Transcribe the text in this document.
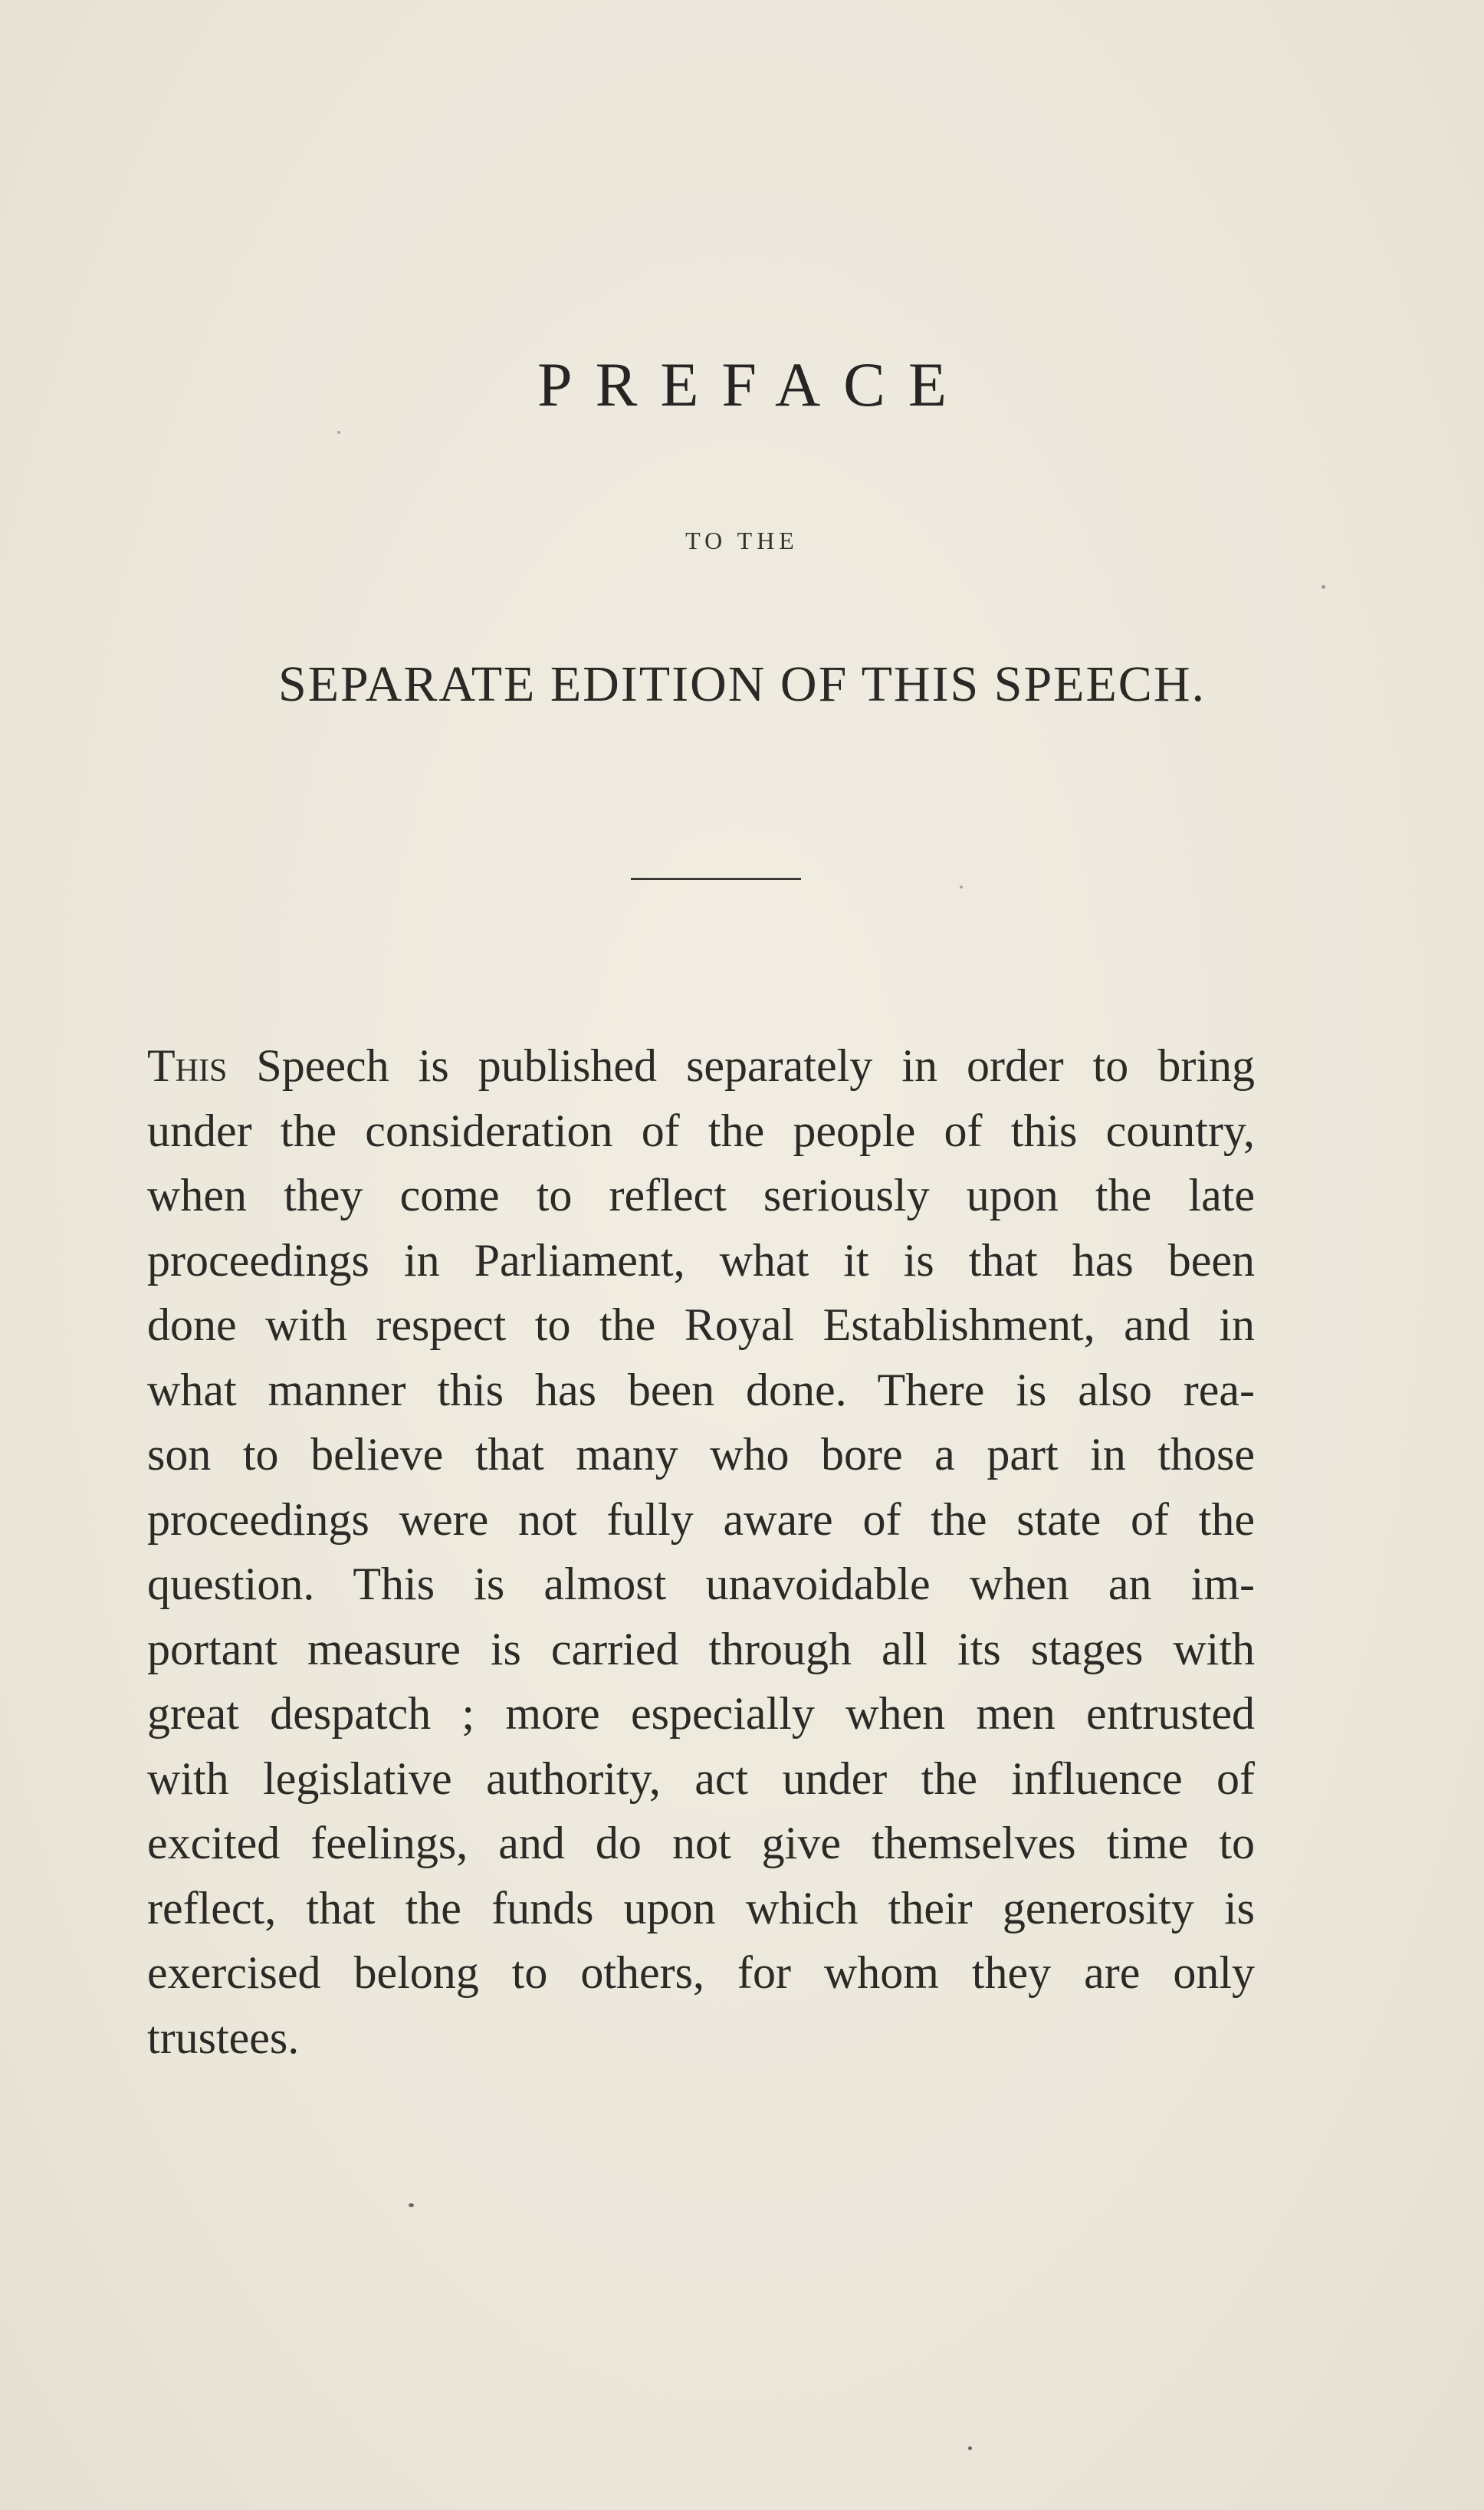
PREFACE
TO THE
SEPARATE EDITION OF THIS SPEECH.
This Speech is published separately in order to bring
under the consideration of the people of this country,
when they come to reflect seriously upon the late
proceedings in Parliament, what it is that has been
done with respect to the Royal Establishment, and in
what manner this has been done. There is also rea-
son to believe that many who bore a part in those
proceedings were not fully aware of the state of the
question. This is almost unavoidable when an im-
portant measure is carried through all its stages with
great despatch ; more especially when men entrusted
with legislative authority, act under the influence of
excited feelings, and do not give themselves time to
reflect, that the funds upon which their generosity is
exercised belong to others, for whom they are only
trustees.
